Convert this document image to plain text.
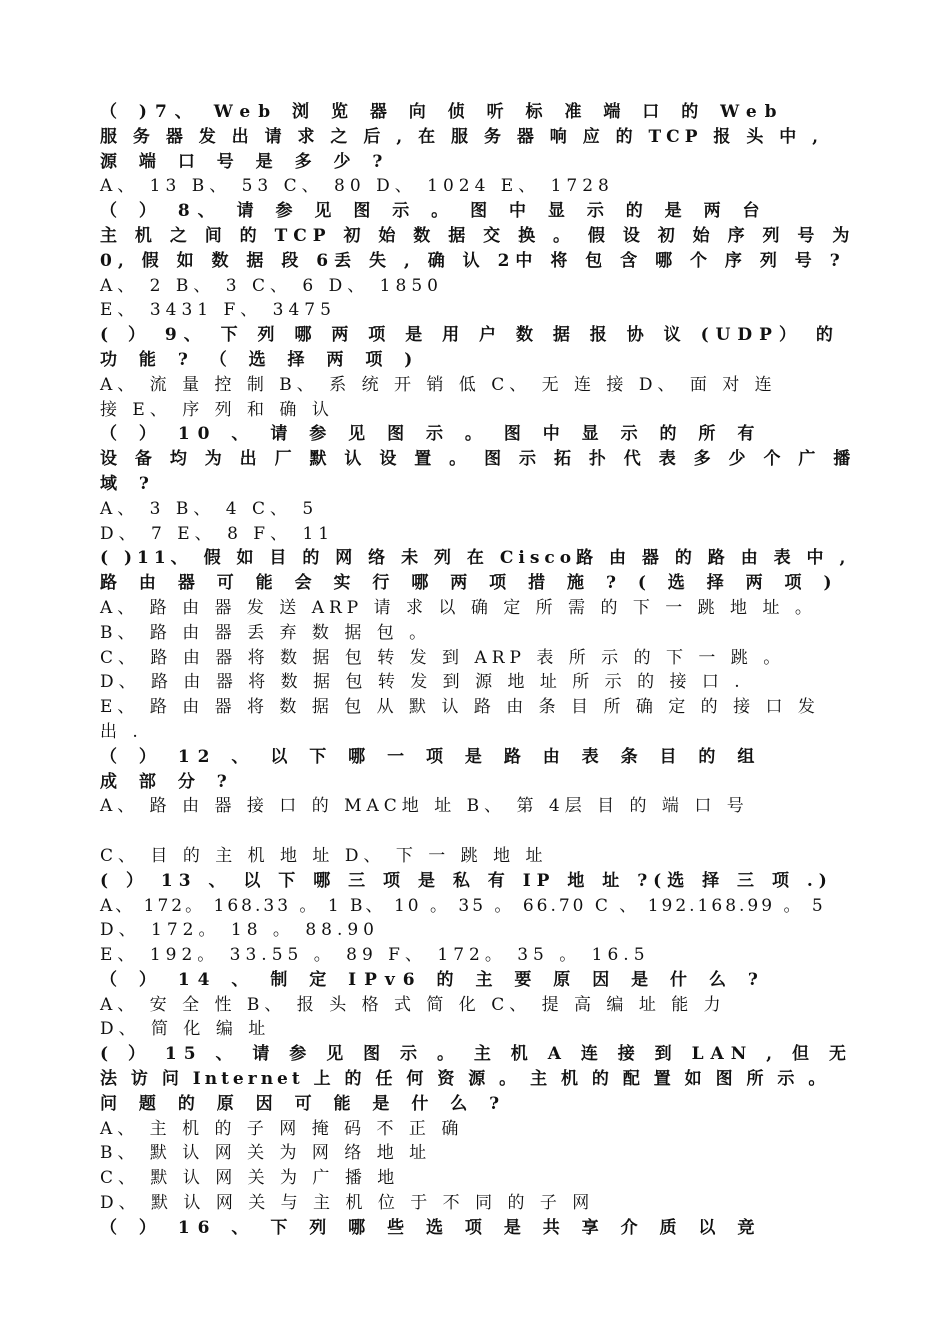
（ )7、 Web 浏 览 器 向 侦 听 标 准 端 口 的 Web
服 务 器 发 出 请 求 之 后 , 在 服 务 器 响 应 的 TCP 报 头 中 ,
源 端 口 号 是 多 少 ?
A、 13 B、 53 C、 80 D、 1024 E、 1728
（ ） 8、 请 参 见 图 示 。 图 中 显 示 的 是 两 台
主 机 之 间 的 TCP 初 始 数 据 交 换 。 假 设 初 始 序 列 号 为
0, 假 如 数 据 段 6丢 失 , 确 认 2中 将 包 含 哪 个 序 列 号 ?
A、 2 B、 3 C、 6 D、 1850
E、 3431 F、 3475
( ） 9、 下 列 哪 两 项 是 用 户 数 据 报 协 议 (UDP） 的
功 能 ? （ 选 择 两 项 )
A、 流 量 控 制 B、 系 统 开 销 低 C、 无 连 接 D、 面 对 连
接 E、 序 列 和 确 认
（ ） 10 、 请 参 见 图 示 。 图 中 显 示 的 所 有
设 备 均 为 出 厂 默 认 设 置 。 图 示 拓 扑 代 表 多 少 个 广 播
域 ?
A、 3 B、 4 C、 5
D、 7 E、 8 F、 11
( )11、 假 如 目 的 网 络 未 列 在 Cisco路 由 器 的 路 由 表 中 ,
路 由 器 可 能 会 实 行 哪 两 项 措 施 ? ( 选 择 两 项 )
A、 路 由 器 发 送 ARP 请 求 以 确 定 所 需 的 下 一 跳 地 址 。
B、 路 由 器 丢 弃 数 据 包 。
C、 路 由 器 将 数 据 包 转 发 到 ARP 表 所 示 的 下 一 跳 。
D、 路 由 器 将 数 据 包 转 发 到 源 地 址 所 示 的 接 口 .
E、 路 由 器 将 数 据 包 从 默 认 路 由 条 目 所 确 定 的 接 口 发
出 .
（ ） 12 、 以 下 哪 一 项 是 路 由 表 条 目 的 组
成 部 分 ?
A、 路 由 器 接 口 的 MAC地 址 B、 第 4层 目 的 端 口 号
C、 目 的 主 机 地 址 D、 下 一 跳 地 址
( ） 13 、 以 下 哪 三 项 是 私 有 IP 地 址 ?(选 择 三 项 .)
A、 172。 168.33 。 1 B、 10 。 35 。 66.70 C 、 192.168.99 。 5
D、 172。 18 。 88.90
E、 192。 33.55 。 89 F、 172。 35 。 16.5
（ ） 14 、 制 定 IPv6 的 主 要 原 因 是 什 么 ?
A、 安 全 性 B、 报 头 格 式 简 化 C、 提 高 编 址 能 力
D、 简 化 编 址
( ） 15 、 请 参 见 图 示 。 主 机 A 连 接 到 LAN , 但 无
法 访 问 Internet 上 的 任 何 资 源 。 主 机 的 配 置 如 图 所 示 。
问 题 的 原 因 可 能 是 什 么 ?
A、 主 机 的 子 网 掩 码 不 正 确
B、 默 认 网 关 为 网 络 地 址
C、 默 认 网 关 为 广 播 地
D、 默 认 网 关 与 主 机 位 于 不 同 的 子 网
（ ） 16 、 下 列 哪 些 选 项 是 共 享 介 质 以 竞
